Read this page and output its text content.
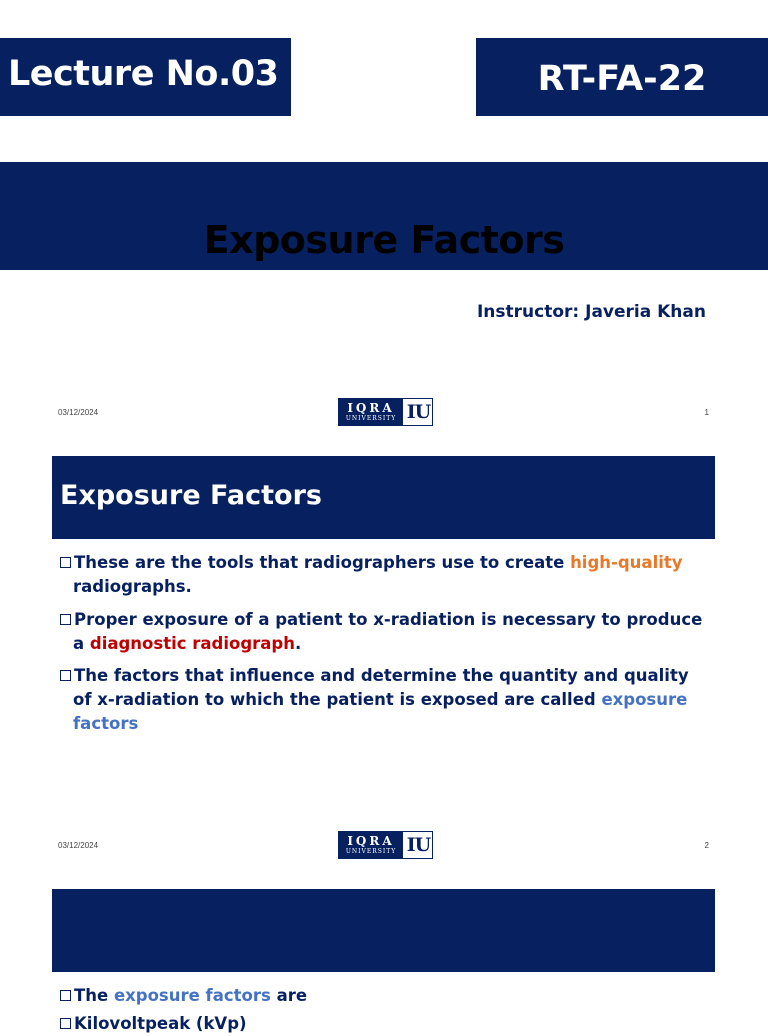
Lecture No.03	RT-FA-22
Exposure Factors
Instructor: Javeria Khan
03/12/2024	IQRA
UNIVERSITY IU	1
Exposure Factors
These are the tools that radiographers use to create high-quality
radiographs.
Proper exposure of a patient to x-radiation is necessary to produce
a diagnostic radiograph.
The factors that influence and determine the quantity and quality
of x-radiation to which the patient is exposed are called exposure
factors
03/12/2024	IQRA
UNIVERSITY IU	2
The exposure factors are
Kilovoltpeak (kVp)
